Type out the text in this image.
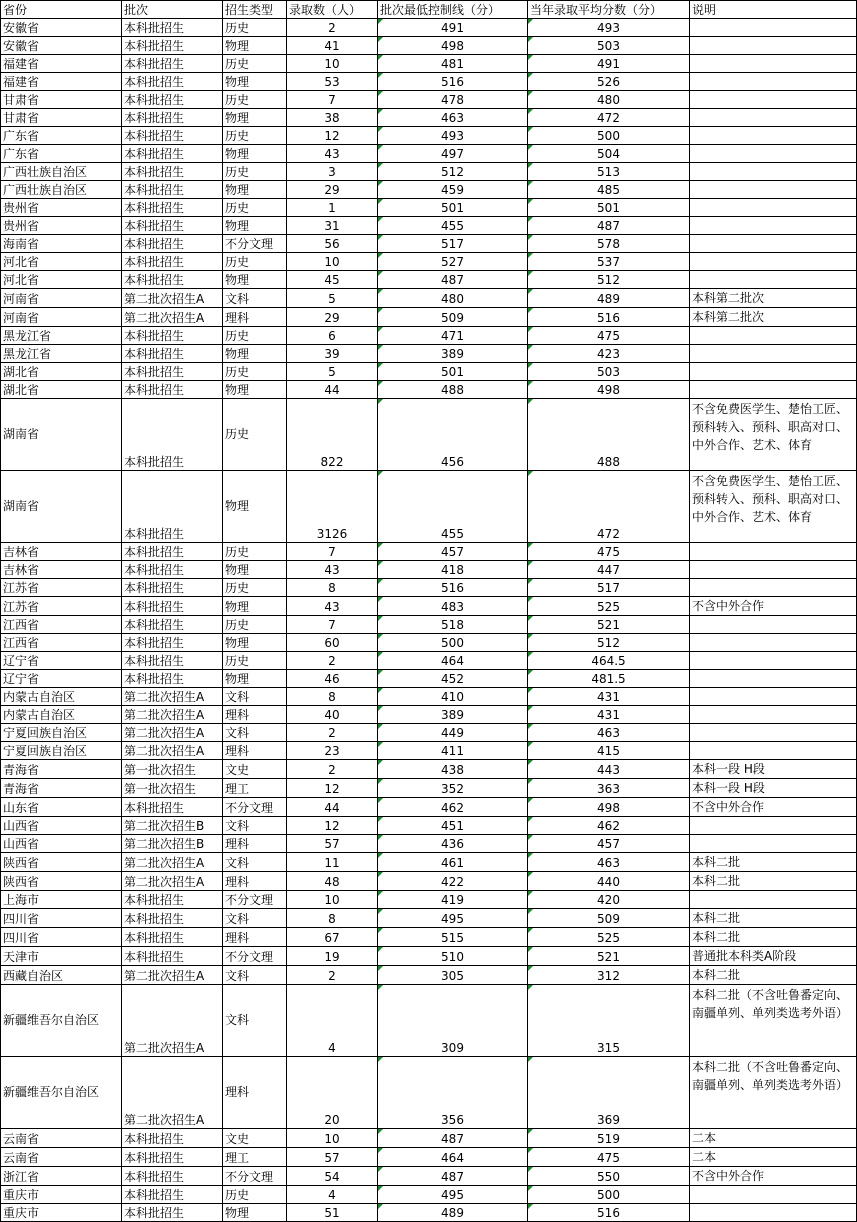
省份	批次	招生类型	录取数（人）	批次最低控制线（分）	当年录取平均分数（分）	说明
安徽省	本科批招生	历史	2	491	493	
安徽省	本科批招生	物理	41	498	503	
福建省	本科批招生	历史	10	481	491	
福建省	本科批招生	物理	53	516	526	
甘肃省	本科批招生	历史	7	478	480	
甘肃省	本科批招生	物理	38	463	472	
广东省	本科批招生	历史	12	493	500	
广东省	本科批招生	物理	43	497	504	
广西壮族自治区	本科批招生	历史	3	512	513	
广西壮族自治区	本科批招生	物理	29	459	485	
贵州省	本科批招生	历史	1	501	501	
贵州省	本科批招生	物理	31	455	487	
海南省	本科批招生	不分文理	56	517	578	
河北省	本科批招生	历史	10	527	537	
河北省	本科批招生	物理	45	487	512	
河南省	第二批次招生A	文科	5	480	489	本科第二批次
河南省	第二批次招生A	理科	29	509	516	本科第二批次
黑龙江省	本科批招生	历史	6	471	475	
黑龙江省	本科批招生	物理	39	389	423	
湖北省	本科批招生	历史	5	501	503	
湖北省	本科批招生	物理	44	488	498	
湖南省	本科批招生	历史	822	456	488	不含免费医学生、楚怡工匠、预科转入、预科、职高对口、中外合作、艺术、体育
湖南省	本科批招生	物理	3126	455	472	不含免费医学生、楚怡工匠、预科转入、预科、职高对口、中外合作、艺术、体育
吉林省	本科批招生	历史	7	457	475	
吉林省	本科批招生	物理	43	418	447	
江苏省	本科批招生	历史	8	516	517	
江苏省	本科批招生	物理	43	483	525	不含中外合作
江西省	本科批招生	历史	7	518	521	
江西省	本科批招生	物理	60	500	512	
辽宁省	本科批招生	历史	2	464	464.5	
辽宁省	本科批招生	物理	46	452	481.5	
内蒙古自治区	第二批次招生A	文科	8	410	431	
内蒙古自治区	第二批次招生A	理科	40	389	431	
宁夏回族自治区	第二批次招生A	文科	2	449	463	
宁夏回族自治区	第二批次招生A	理科	23	411	415	
青海省	第一批次招生	文史	2	438	443	本科一段 H段
青海省	第一批次招生	理工	12	352	363	本科一段 H段
山东省	本科批招生	不分文理	44	462	498	不含中外合作
山西省	第二批次招生B	文科	12	451	462	
山西省	第二批次招生B	理科	57	436	457	
陕西省	第二批次招生A	文科	11	461	463	本科二批
陕西省	第二批次招生A	理科	48	422	440	本科二批
上海市	本科批招生	不分文理	10	419	420	
四川省	本科批招生	文科	8	495	509	本科二批
四川省	本科批招生	理科	67	515	525	本科二批
天津市	本科批招生	不分文理	19	510	521	普通批本科类A阶段
西藏自治区	第二批次招生A	文科	2	305	312	本科二批
新疆维吾尔自治区	第二批次招生A	文科	4	309	315	本科二批（不含吐鲁番定向、南疆单列、单列类选考外语）
新疆维吾尔自治区	第二批次招生A	理科	20	356	369	本科二批（不含吐鲁番定向、南疆单列、单列类选考外语）
云南省	本科批招生	文史	10	487	519	二本
云南省	本科批招生	理工	57	464	475	二本
浙江省	本科批招生	不分文理	54	487	550	不含中外合作
重庆市	本科批招生	历史	4	495	500	
重庆市	本科批招生	物理	51	489	516	
